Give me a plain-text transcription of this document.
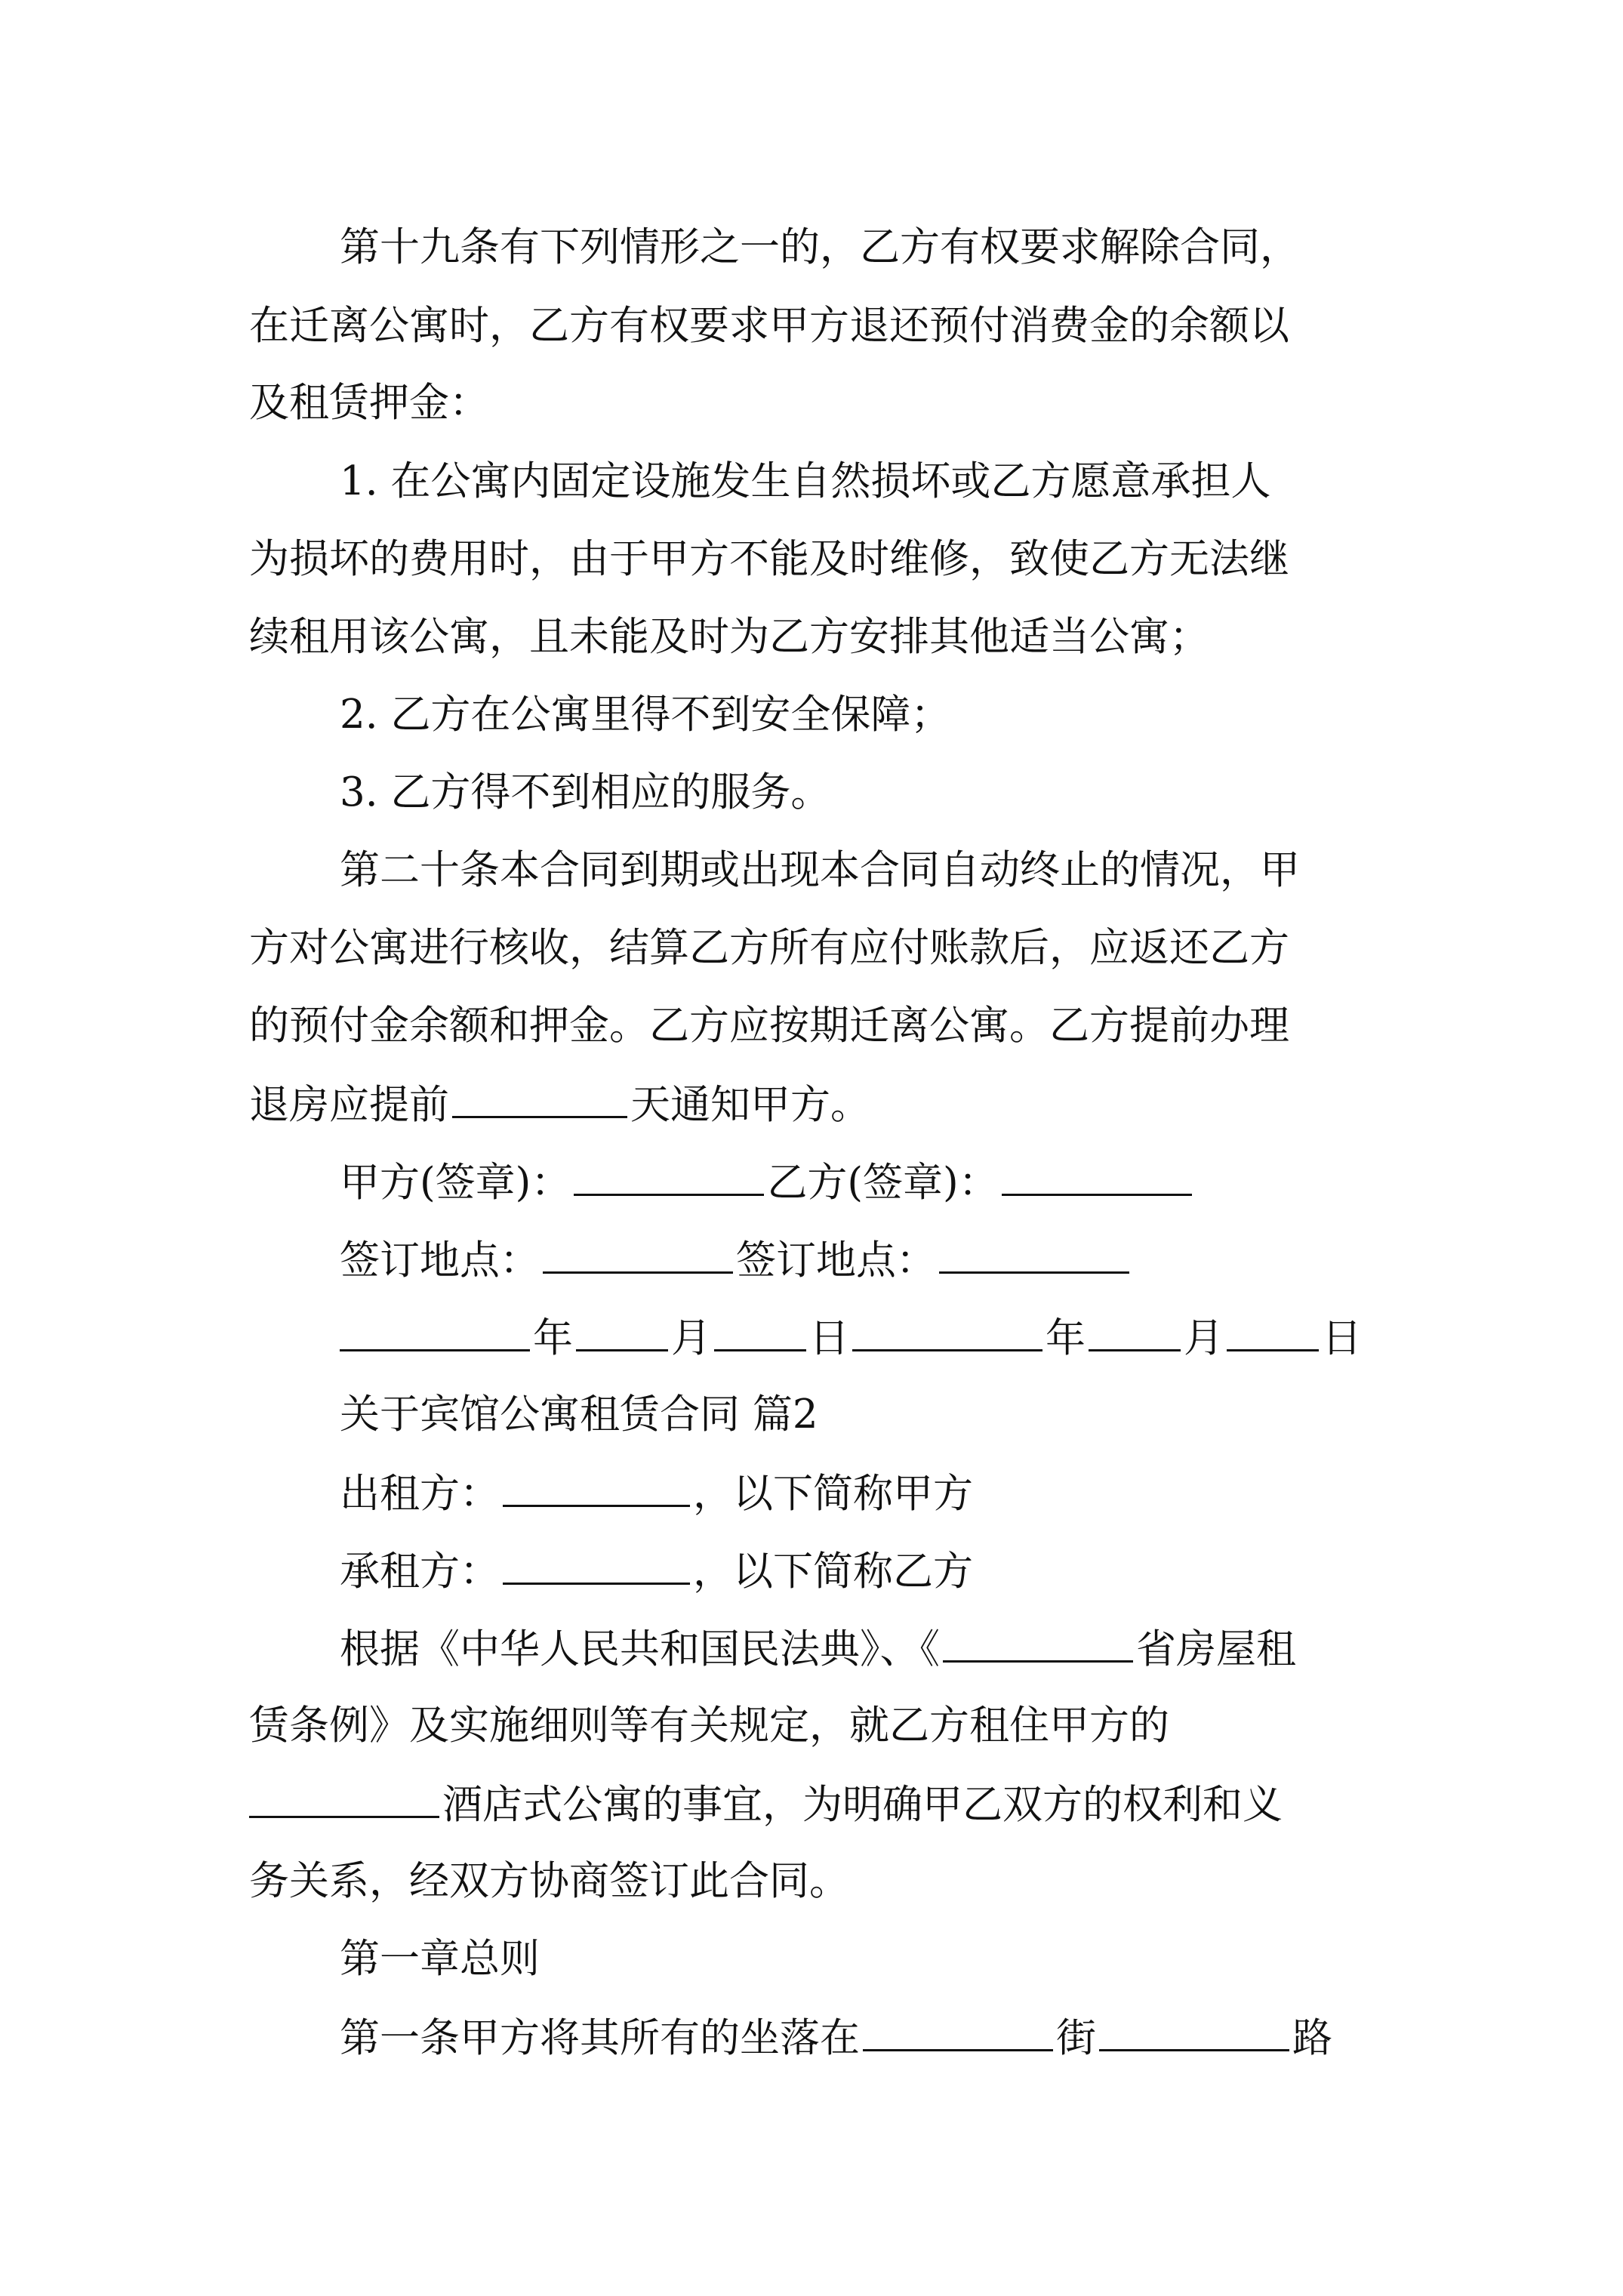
第十九条有下列情形之一的，乙方有权要求解除合同，
在迁离公寓时，乙方有权要求甲方退还预付消费金的余额以
及租赁押金：
1. 在公寓内固定设施发生自然损坏或乙方愿意承担人
为损坏的费用时，由于甲方不能及时维修，致使乙方无法继
续租用该公寓，且未能及时为乙方安排其他适当公寓；
2. 乙方在公寓里得不到安全保障；
3. 乙方得不到相应的服务。
第二十条本合同到期或出现本合同自动终止的情况，甲
方对公寓进行核收，结算乙方所有应付账款后，应返还乙方
的预付金余额和押金。乙方应按期迁离公寓。乙方提前办理
退房应提前	天通知甲方。
甲方(签章)：	乙方(签章)：
签订地点：	签订地点：
年 月 日	年 月 日
关于宾馆公寓租赁合同 篇2
出租方：	，以下简称甲方
承租方：	，以下简称乙方
根据《中华人民共和国民法典》、《	省房屋租
赁条例》及实施细则等有关规定，就乙方租住甲方的
酒店式公寓的事宜，为明确甲乙双方的权利和义
务关系，经双方协商签订此合同。
第一章总则
第一条甲方将其所有的坐落在	街	路
